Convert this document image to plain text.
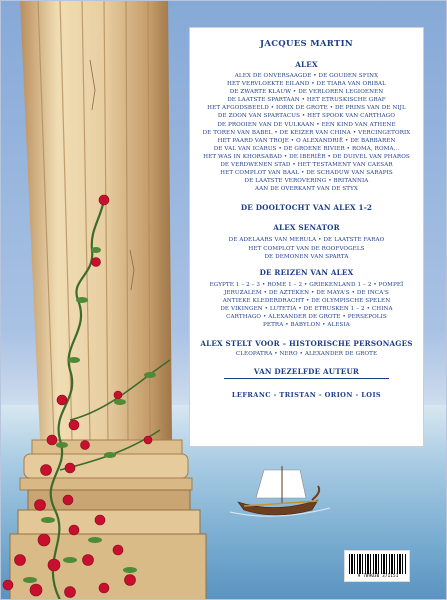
JACQUES MARTIN
ALEX
ALEX DE ONVERSAAGDE • DE GOUDEN SFINX
HET VERVLOEKTE EILAND • DE TIARA VAN ORIBAL
DE ZWARTE KLAUW • DE VERLOREN LEGIOENEN
DE LAATSTE SPARTAAN • HET ETRUSKISCHE GRAF
HET AFGODSBEELD • IORIX DE GROTE • DE PRINS VAN DE NIJL
DE ZOON VAN SPARTACUS • HET SPOOK VAN CARTHAGO
DE PROOIEN VAN DE VULKAAN • EEN KIND VAN ATHENE
DE TOREN VAN BABEL • DE KEIZER VAN CHINA • VERCINGETORIX
HET PAARD VAN TROJE • O ALEXANDRIË • DE BARBAREN
DE VAL VAN ICARUS • DE GROENE RIVIER • ROMA, ROMA...
HET WAS IN KHORSABAD • DE IBERIËR • DE DUIVEL VAN PHAROS
DE VERDWENEN STAD • HET TESTAMENT VAN CAESAR
HET COMPLOT VAN BAAL • DE SCHADUW VAN SARAPIS
DE LAATSTE VEROVERING • BRITANNIA
AAN DE OVERKANT VAN DE STYX
DE DOOLTOCHT VAN ALEX 1-2
ALEX SENATOR
DE ADELAARS VAN MERULA • DE LAATSTE FARAO
HET COMPLOT VAN DE ROOFVOGELS
DE DEMONEN VAN SPARTA
DE REIZEN VAN ALEX
EGYPTE 1 – 2 – 3 • ROME 1 – 2 • GRIEKENLAND 1 – 2 • POMPEÏ
JERUZALEM • DE AZTEKEN • DE MAYA'S • DE INCA'S
ANTIEKE KLEDERDRACHT • DE OLYMPISCHE SPELEN
DE VIKINGEN • LUTETIA • DE ETRUSKEN 1 – 2 • CHINA
CARTHAGO • ALEXANDER DE GROTE • PERSEPOLIS
PETRA • BABYLON • ALESIA
ALEX STELT VOOR – HISTORISCHE PERSONAGES
CLEOPATRA • NERO • ALEXANDER DE GROTE
VAN DEZELFDE AUTEUR
LEFRANC - TRISTAN - ORION - LOIS
9 789030 371151
